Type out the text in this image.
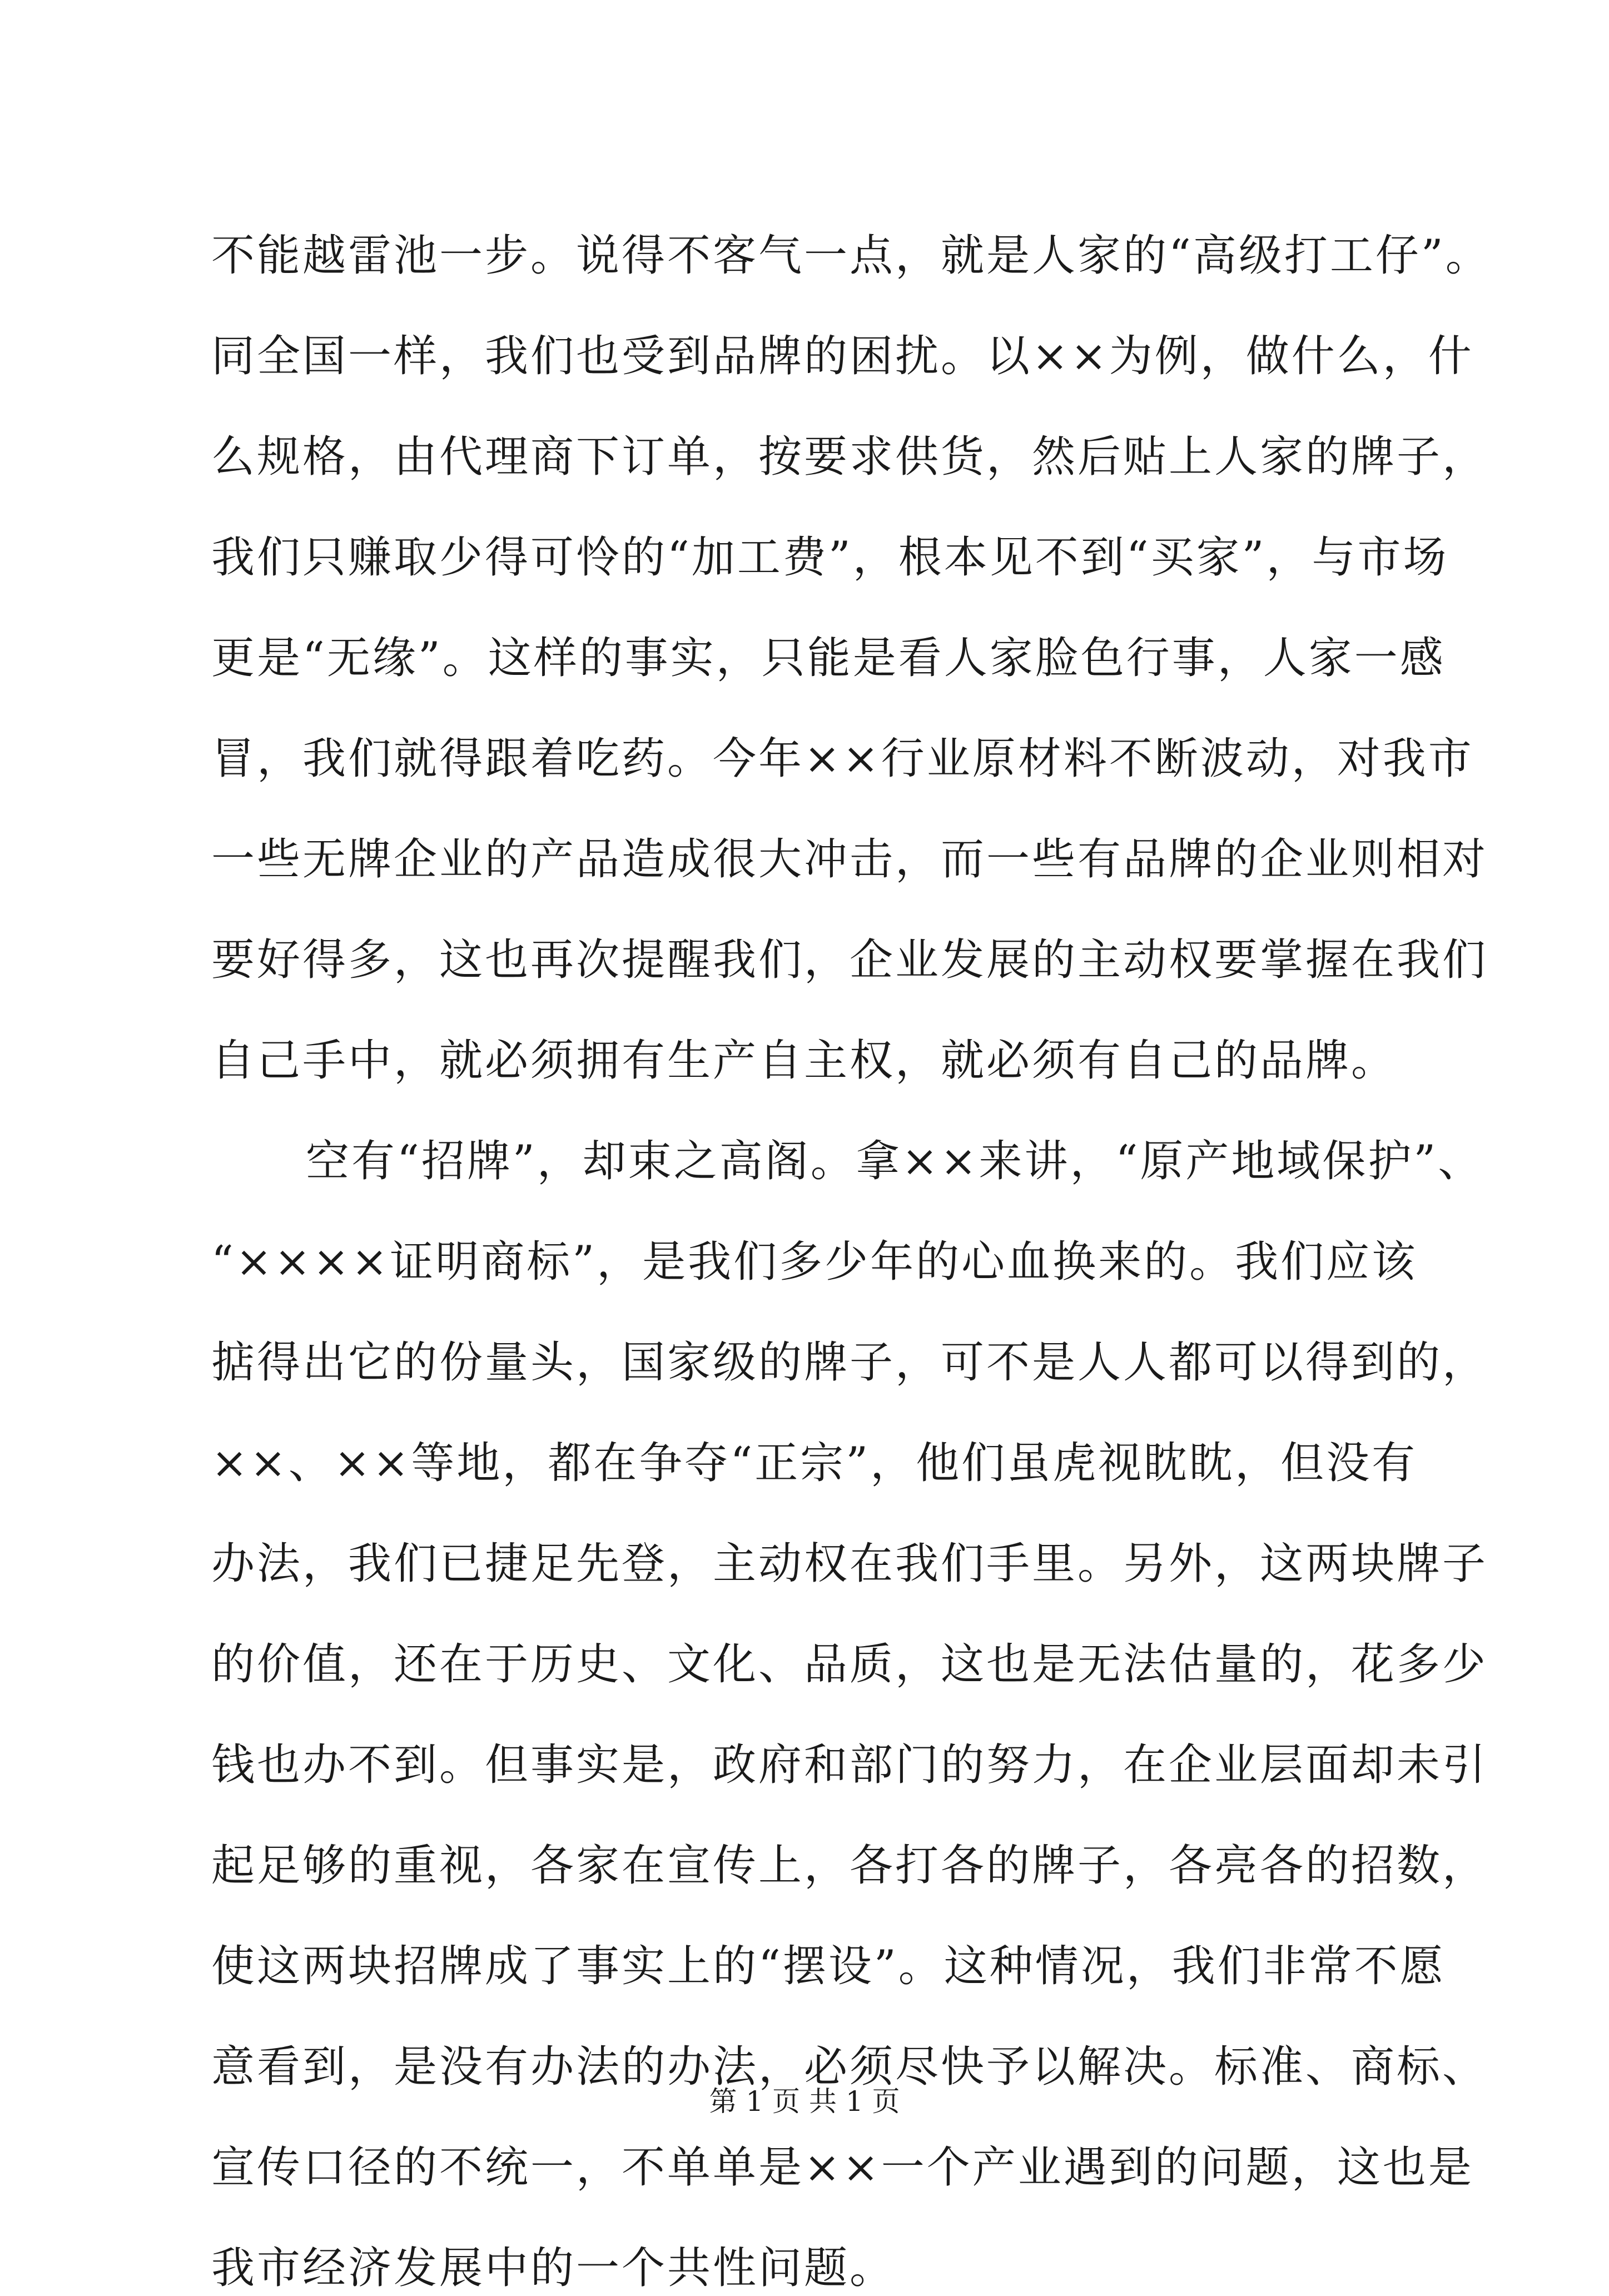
不能越雷池一步。说得不客气一点，就是人家的“高级打工仔”。
同全国一样，我们也受到品牌的困扰。以××为例，做什么，什
么规格，由代理商下订单，按要求供货，然后贴上人家的牌子，
我们只赚取少得可怜的“加工费”，根本见不到“买家”，与市场
更是“无缘”。这样的事实，只能是看人家脸色行事，人家一感
冒，我们就得跟着吃药。今年××行业原材料不断波动，对我市
一些无牌企业的产品造成很大冲击，而一些有品牌的企业则相对
要好得多，这也再次提醒我们，企业发展的主动权要掌握在我们
自己手中，就必须拥有生产自主权，就必须有自己的品牌。
空有“招牌”，却束之高阁。拿××来讲，“原产地域保护”、
“××××证明商标”，是我们多少年的心血换来的。我们应该
掂得出它的份量头，国家级的牌子，可不是人人都可以得到的，
××、××等地，都在争夺“正宗”，他们虽虎视眈眈，但没有
办法，我们已捷足先登，主动权在我们手里。另外，这两块牌子
的价值，还在于历史、文化、品质，这也是无法估量的，花多少
钱也办不到。但事实是，政府和部门的努力，在企业层面却未引
起足够的重视，各家在宣传上，各打各的牌子，各亮各的招数，
使这两块招牌成了事实上的“摆设”。这种情况，我们非常不愿
意看到，是没有办法的办法，必须尽快予以解决。标准、商标、
宣传口径的不统一，不单单是××一个产业遇到的问题，这也是
我市经济发展中的一个共性问题。
第 1 页 共 1 页
